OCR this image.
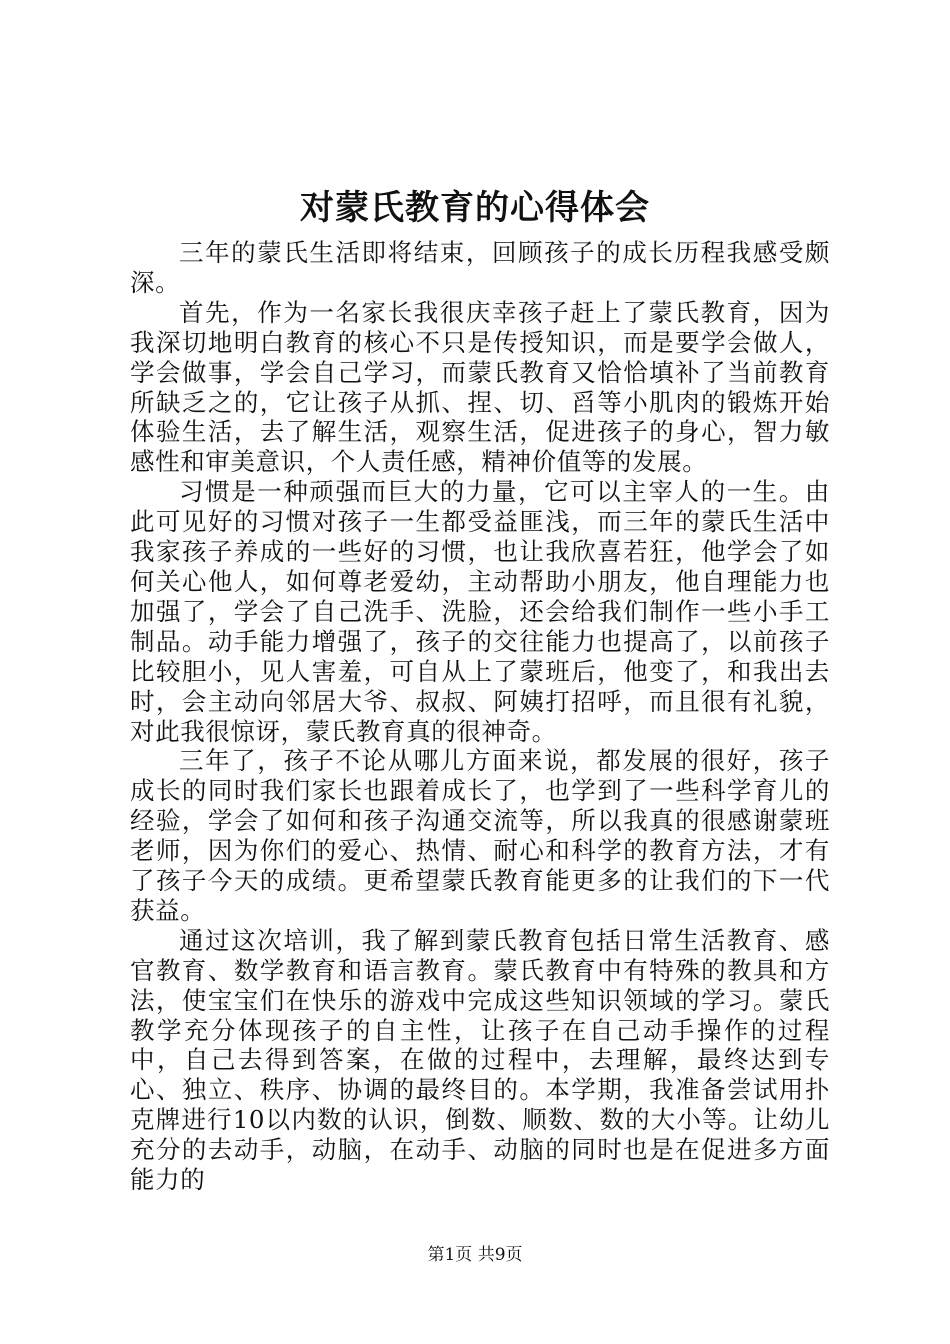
对蒙氏教育的心得体会

三年的蒙氏生活即将结束，回顾孩子的成长历程我感受颇深。

首先，作为一名家长我很庆幸孩子赶上了蒙氏教育，因为我深切地明白教育的核心不只是传授知识，而是要学会做人，学会做事，学会自己学习，而蒙氏教育又恰恰填补了当前教育所缺乏之的，它让孩子从抓、捏、切、舀等小肌肉的锻炼开始体验生活，去了解生活，观察生活，促进孩子的身心，智力敏感性和审美意识，个人责任感，精神价值等的发展。

习惯是一种顽强而巨大的力量，它可以主宰人的一生。由此可见好的习惯对孩子一生都受益匪浅，而三年的蒙氏生活中我家孩子养成的一些好的习惯，也让我欣喜若狂，他学会了如何关心他人，如何尊老爱幼，主动帮助小朋友，他自理能力也加强了，学会了自己洗手、洗脸，还会给我们制作一些小手工制品。动手能力增强了，孩子的交往能力也提高了，以前孩子比较胆小，见人害羞，可自从上了蒙班后，他变了，和我出去时，会主动向邻居大爷、叔叔、阿姨打招呼，而且很有礼貌，对此我很惊讶，蒙氏教育真的很神奇。

三年了，孩子不论从哪儿方面来说，都发展的很好，孩子成长的同时我们家长也跟着成长了，也学到了一些科学育儿的经验，学会了如何和孩子沟通交流等，所以我真的很感谢蒙班老师，因为你们的爱心、热情、耐心和科学的教育方法，才有了孩子今天的成绩。更希望蒙氏教育能更多的让我们的下一代获益。

通过这次培训，我了解到蒙氏教育包括日常生活教育、感官教育、数学教育和语言教育。蒙氏教育中有特殊的教具和方法，使宝宝们在快乐的游戏中完成这些知识领域的学习。蒙氏教学充分体现孩子的自主性，让孩子在自己动手操作的过程中，自己去得到答案，在做的过程中，去理解，最终达到专心、独立、秩序、协调的最终目的。本学期，我准备尝试用扑克牌进行10以内数的认识，倒数、顺数、数的大小等。让幼儿充分的去动手，动脑，在动手、动脑的同时也是在促进多方面能力的

第1页 共9页
